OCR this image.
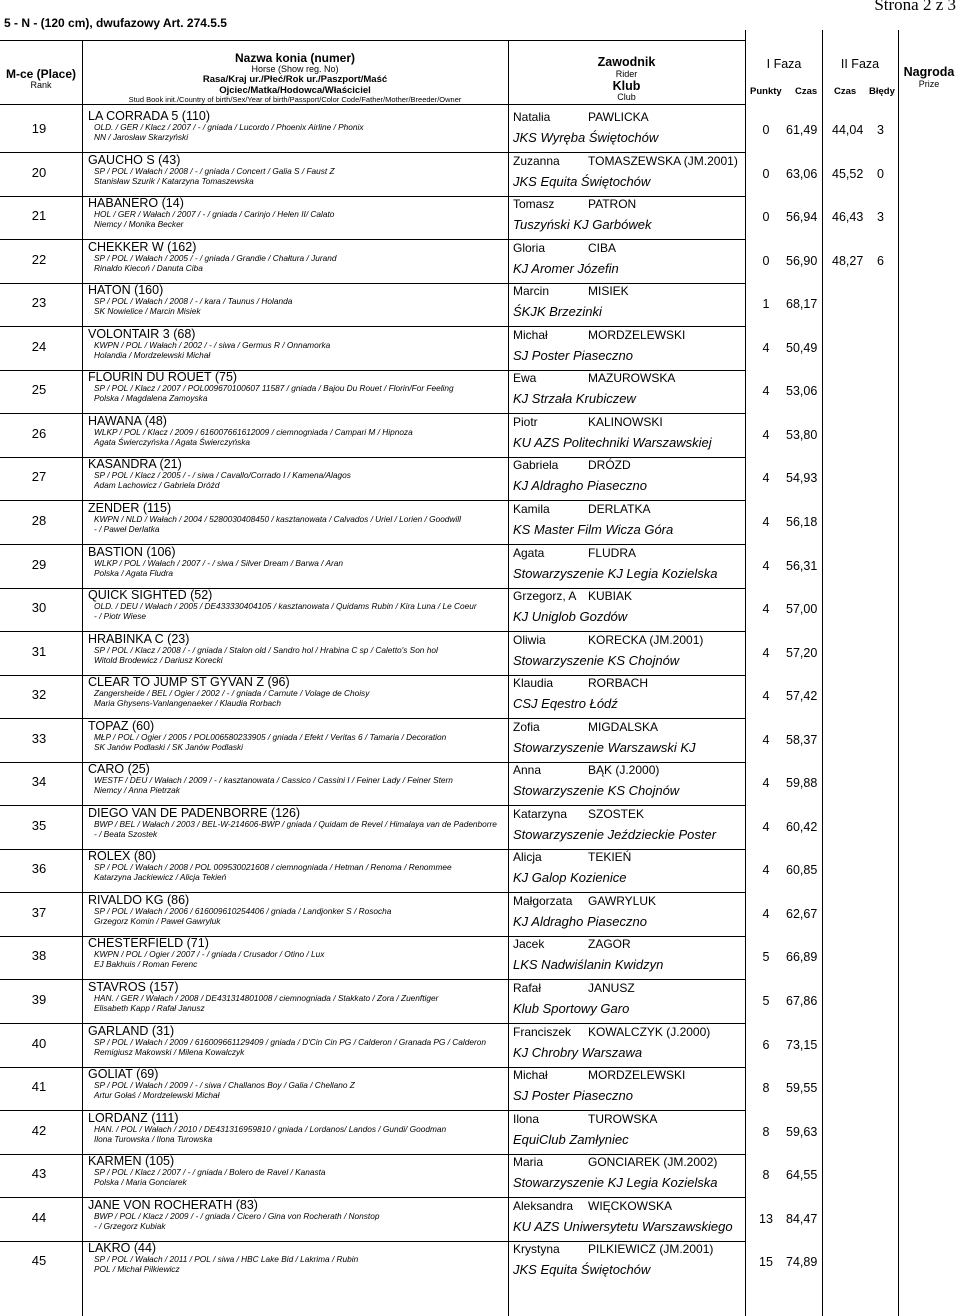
Strona 2 z 3
5 - N - (120 cm), dwufazowy Art. 274.5.5
M-ce (Place)
Rank
Nazwa konia (numer)
Horse (Show reg. No)
Rasa/Kraj ur./Płeć/Rok ur./Paszport/Maść
Ojciec/Matka/Hodowca/Właściciel
Stud Book init./Country of birth/Sex/Year of birth/Passport/Color Code/Father/Mother/Breeder/Owner
Zawodnik
Rider
Klub
Club
I Faza	II Faza
Punkty Czas Czas Błędy
Nagroda
Prize
19
LA CORRADA 5 (110)
OLD. / GER / Klacz / 2007 / - / gniada / Lucordo / Phoenix Airline / Phonix
NN / Jarosław Skarzyński
Natalia	PAWLICKA
JKS Wyręba Świętochów	0	61,49 44,04 3
20
GAUCHO S (43)
SP / POL / Wałach / 2008 / - / gniada / Concert / Galia S / Faust Z
Stanisław Szurik / Katarzyna Tomaszewska
Zuzanna TOMASZEWSKA (JM.2001)
JKS Equita Świętochów	0	63,06 45,52 0
21
HABANERO (14)
HOL / GER / Wałach / 2007 / - / gniada / Carinjo / Helen II/ Calato
Niemcy / Monika Becker
Tomasz	PATRON
Tuszyński KJ Garbówek	0	56,94 46,43 3
22
CHEKKER W (162)
SP / POL / Wałach / 2005 / - / gniada / Grandie / Chałtura / Jurand
Rinaldo Kiecoń / Danuta Ciba
Gloria	CIBA
KJ Aromer Józefin	0	56,90 48,27 6
23
HATON (160)
SP / POL / Wałach / 2008 / - / kara / Taunus / Holanda
SK Nowielice / Marcin Misiek
Marcin	MISIEK
ŚKJK Brzezinki	1	68,17
24
VOLONTAIR 3 (68)
KWPN / POL / Wałach / 2002 / - / siwa / Germus R / Onnamorka
Holandia / Mordzelewski Michał
Michał	MORDZELEWSKI
SJ Poster Piaseczno	4	50,49
25
FLOURIN DU ROUET (75)
SP / POL / Klacz / 2007 / POL009670100607 11587 / gniada / Bajou Du Rouet / Florin/For Feeling
Polska / Magdalena Zamoyska
Ewa	MAZUROWSKA
KJ Strzała Krubiczew	4	53,06
26
HAWANA (48)
WLKP / POL / Klacz / 2009 / 616007661612009 / ciemnogniada / Campari M / Hipnoza
Agata Świerczyńska / Agata Świerczyńska
Piotr	KALINOWSKI
KU AZS Politechniki Warszawskiej	4	53,80
27
KASANDRA (21)
SP / POL / Klacz / 2005 / - / siwa / Cavallo/Corrado I / Kamena/Alagos
Adam Lachowicz / Gabriela Dróżd
Gabriela DRÓZD
KJ Aldragho Piaseczno	4	54,93
28
ZENDER (115)
KWPN / NLD / Wałach / 2004 / 528003040845​0 / kasztanowata / Calvados / Uriel / Lorien / Goodwill
- / Paweł Derlatka
Kamila	DERLATKA
KS Master Film Wicza Góra	4	56,18
29
BASTION (106)
WLKP / POL / Wałach / 2007 / - / siwa / Silver Dream / Barwa / Aran
Polska / Agata Fludra
Agata	FLUDRA
Stowarzyszenie KJ Legia Kozielska	4	56,31
30
QUICK SIGHTED (52)
OLD. / DEU / Wałach / 2005 / DE433330404105 / kasztanowata / Quidams Rubin / Kira Luna / Le Coeur
- / Piotr Wiese
Grzegorz, A KUBIAK
KJ Uniglob Gozdów	4	57,00
31
HRABINKA C (23)
SP / POL / Klacz / 2008 / - / gniada / Stalon old / Sandro hol / Hrabina C sp / Caletto's Son hol
Witold Brodewicz / Dariusz Korecki
Oliwia	KORECKA (JM.2001)
Stowarzyszenie KS Chojnów	4	57,20
32
CLEAR TO JUMP ST GYVAN Z (96)
Zangersheide / BEL / Ogier / 2002 / - / gniada / Carnute / Volage de Choisy
Maria Ghysens-Vanlangenaeker / Klaudia Rorbach
Klaudia	RORBACH
CSJ Eqestro Łódź	4	57,42
33
TOPAZ (60)
MŁP / POL / Ogier / 2005 / POL00658023390​5 / gniada / Efekt / Veritas 6 / Tamaria / Decoration
SK Janów Podlaski / SK Janów Podlaski
Zofia	MIGDALSKA
Stowarzyszenie Warszawski KJ	4	58,37
34
CARO (25)
WESTF / DEU / Wałach / 2009 / - / kasztanowata / Cassico / Cassini I / Feiner Lady / Feiner Stern
Niemcy / Anna Pietrzak
Anna	BĄK (J.2000)
Stowarzyszenie KS Chojnów	4	59,88
35
DIEGO VAN DE PADENBORRE (126)
BWP / BEL / Wałach / 2003 / BEL-W-214606-BWP / gniada / Quidam de Revel / Himalaya van de Padenborre
- / Beata Szostek
Katarzyna SZOSTEK
Stowarzyszenie Jeździeckie Poster	4	60,42
36
ROLEX (80)
SP / POL / Wałach / 2008 / POL 009530021608 / ciemnogniada / Hetman / Renoma / Renommee
Katarzyna Jackiewicz / Alicja Tekień
Alicja	TEKIEŃ
KJ Galop Kozienice	4	60,85
37
RIVALDO KG (86)
SP / POL / Wałach / 2006 / 616009610254406 / gniada / Landjonker S / Rosocha
Grzegorz Komin / Paweł Gawryluk
Małgorzata GAWRYLUK
KJ Aldragho Piaseczno	4	62,67
38
CHESTERFIELD (71)
KWPN / POL / Ogier / 2007 / - / gniada / Crusador / Otino / Lux
EJ Bakhuis / Roman Ferenc
Jacek	ZAGOR
LKS Nadwiślanin Kwidzyn	5	66,89
39
STAVROS (157)
HAN. / GER / Wałach / 2008 / DE431314801008 / ciemnogniada / Stakkato / Zora / Zuenftiger
Elisabeth Kapp / Rafał Janusz
Rafał	JANUSZ
Klub Sportowy Garo	5	67,86
40
GARLAND (31)
SP / POL / Wałach / 2009 / 616009661129409 / gniada / D'Cin Cin PG / Calderon / Granada PG / Calderon
Remigiusz Makowski / Milena Kowalczyk
Franciszek KOWALCZYK (J.2000)
KJ Chrobry Warszawa	6	73,15
41
GOLIAT (69)
SP / POL / Wałach / 2009 / - / siwa / Challanos Boy / Galia / Chellano Z
Artur Gołaś / Mordzelewski Michał
Michał	MORDZELEWSKI
SJ Poster Piaseczno	8	59,55
42
LORDANZ (111)
HAN. / POL / Wałach / 2010 / DE431316959810 / gniada / Lordanos/ Landos / Gundi/ Goodman
Ilona Turowska / Ilona Turowska
Ilona	TUROWSKA
EquiClub Zamłyniec	8	59,63
43
KARMEN (105)
SP / POL / Klacz / 2007 / - / gniada / Bolero de Ravel / Kanasta
Polska / Maria Gonciarek
Maria	GONCIAREK (JM.2002)
Stowarzyszenie KJ Legia Kozielska	8	64,55
44
JANE VON ROCHERATH (83)
BWP / POL / Klacz / 2009 / - / gniada / Cicero / Gina von Rocherath / Nonstop
- / Grzegorz Kubiak
Aleksandra WIĘCKOWSKA
KU AZS Uniwersytetu Warszawskiego 13 84,47
45
LAKRO (44)
SP / POL / Wałach / 2011 / POL / siwa / HBC Lake Bid / Lakrima / Rubin
POL / Michał Pilkiewicz
Krystyna PILKIEWICZ (JM.2001)
JKS Equita Świętochów	15 74,89
